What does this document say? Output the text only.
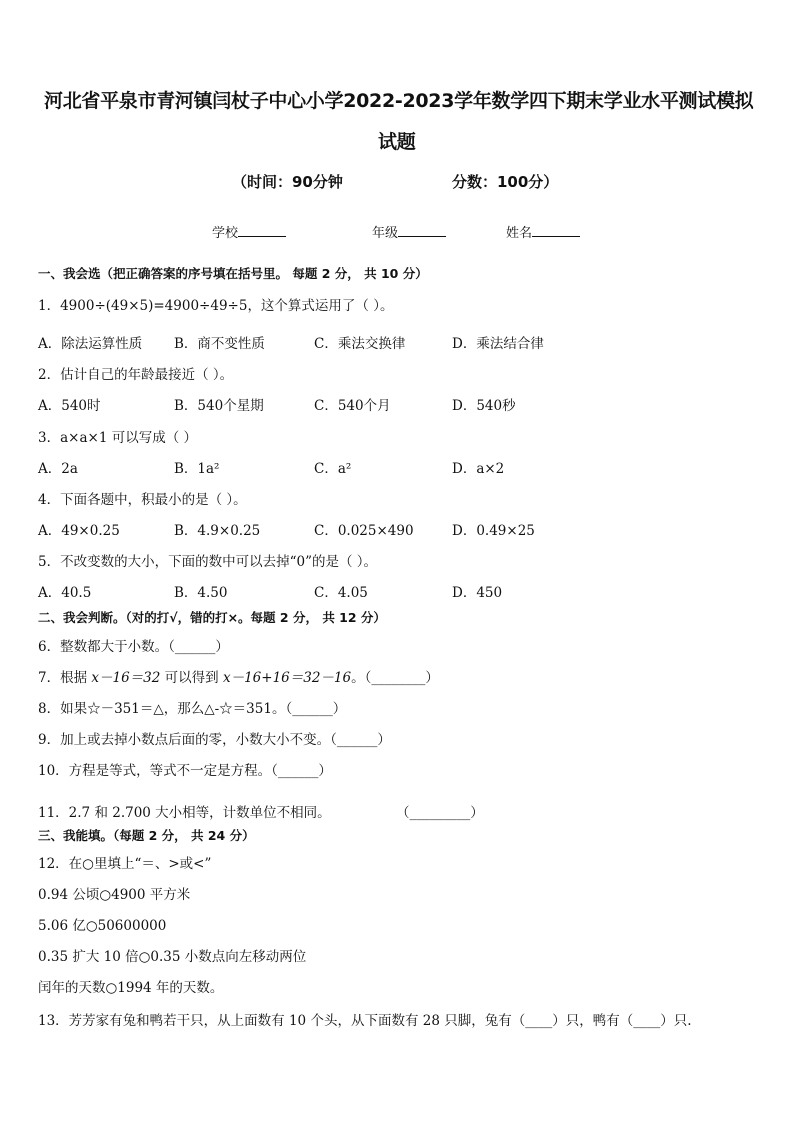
河北省平泉市青河镇闫杖子中心小学2022-2023学年数学四下期末学业水平测试模拟
试题
（时间：90分钟	分数：100分）
学校	年级	姓名
一、我会选（把正确答案的序号填在括号里。 每题 2 分， 共 10 分）
1．4900÷(49×5)=4900÷49÷5，这个算式运用了（ ）。
A．除法运算性质 B．商不变性质	C．乘法交换律	D．乘法结合律
2．估计自己的年龄最接近（ ）。
A．540时	B．540个星期	C．540个月	D．540秒
3．a×a×1 可以写成（ ）
A．2a	B．1a²	C．a²	D．a×2
4．下面各题中，积最小的是（ ）。
A．49×0.25	B．4.9×0.25	C．0.025×490	D．0.49×25
5．不改变数的大小，下面的数中可以去掉“0”的是（ ）。
A．40.5	B．4.50	C．4.05	D．450
二、我会判断。（对的打√，错的打×。每题 2 分， 共 12 分）
6．整数都大于小数。（______）
7．根据 x－16＝32 可以得到 x－16+16＝32－16。（________）
8．如果☆－351＝△，那么△-☆＝351。（______）
9．加上或去掉小数点后面的零，小数大小不变。（______）
10．方程是等式，等式不一定是方程。（______）
11．2.7 和 2.700 大小相等，计数单位不相同。	（_________）
三、我能填。（每题 2 分， 共 24 分）
12．在○里填上“＝、>或<”
0.94 公顷○4900 平方米
5.06 亿○50600000
0.35 扩大 10 倍○0.35 小数点向左移动两位
闰年的天数○1994 年的天数。
13．芳芳家有兔和鸭若干只，从上面数有 10 个头，从下面数有 28 只脚，兔有（____）只，鸭有（____）只.
